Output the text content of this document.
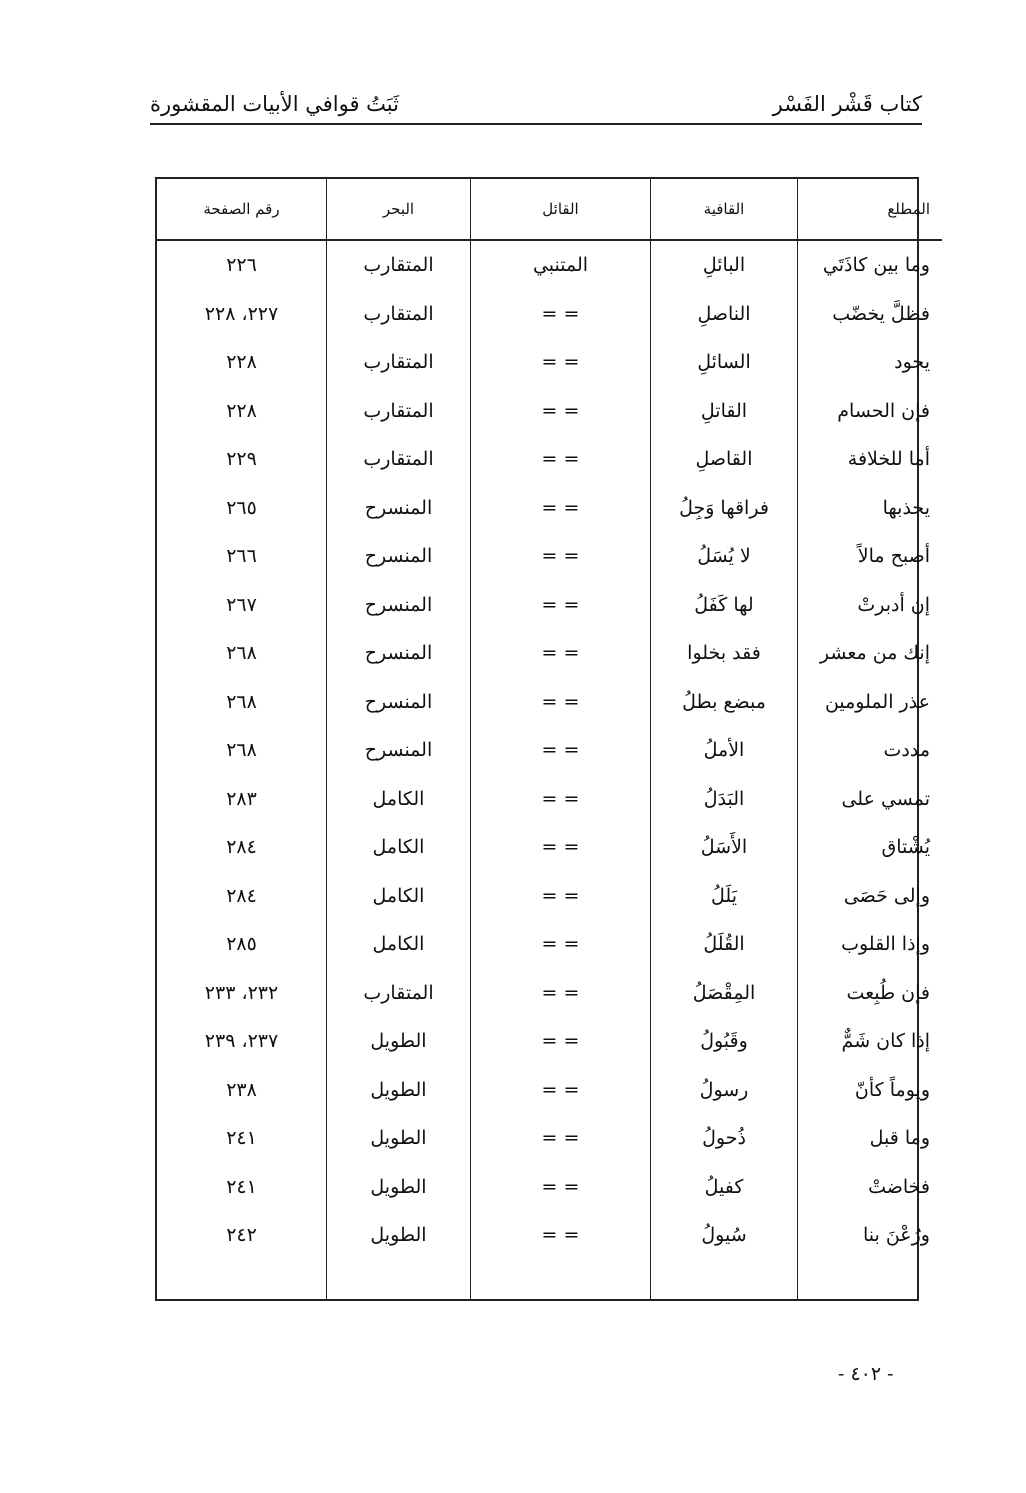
كتاب قَشْر الفَسْر
ثَبَتُ قوافي الأبيات المقشورة
المطلع	القافية	القائل	البحر	رقم الصفحة
وما بين كاذَتَي	البائلِ	المتنبي	المتقارب	٢٢٦
فظلَّ يخضّب	الناصلِ	= =	المتقارب	٢٢٧، ٢٢٨
يجود	السائلِ	= =	المتقارب	٢٢٨
فإن الحسام	القاتلِ	= =	المتقارب	٢٢٨
أما للخلافة	القاصلِ	= =	المتقارب	٢٢٩
يجذبها	فراقها وَجِلُ	= =	المنسرح	٢٦٥
أصبح مالاً	لا يُسَلُ	= =	المنسرح	٢٦٦
إن أدبرتْ	لها كَفَلُ	= =	المنسرح	٢٦٧
إنك من معشر	فقد بخلوا	= =	المنسرح	٢٦٨
عذر الملومين	مبضع بطلُ	= =	المنسرح	٢٦٨
مددت	الأملُ	= =	المنسرح	٢٦٨
تمسي على	البَدَلُ	= =	الكامل	٢٨٣
يُشْتاق	الأَسَلُ	= =	الكامل	٢٨٤
وإلى حَصَى	يَلَلُ	= =	الكامل	٢٨٤
وإذا القلوب	القُلَلُ	= =	الكامل	٢٨٥
فإن طُبِعت	المِقْصَلُ	= =	المتقارب	٢٣٢، ٢٣٣
إذا كان شَمٌّ	وقَبُولُ	= =	الطويل	٢٣٧، ٢٣٩
ويوماً كأنّ	رسولُ	= =	الطويل	٢٣٨
وما قبل	ذُحولُ	= =	الطويل	٢٤١
فخاضتْ	كفيلُ	= =	الطويل	٢٤١
ورُعْنَ بنا	سُيولُ	= =	الطويل	٢٤٢

- ٤٠٢ -
